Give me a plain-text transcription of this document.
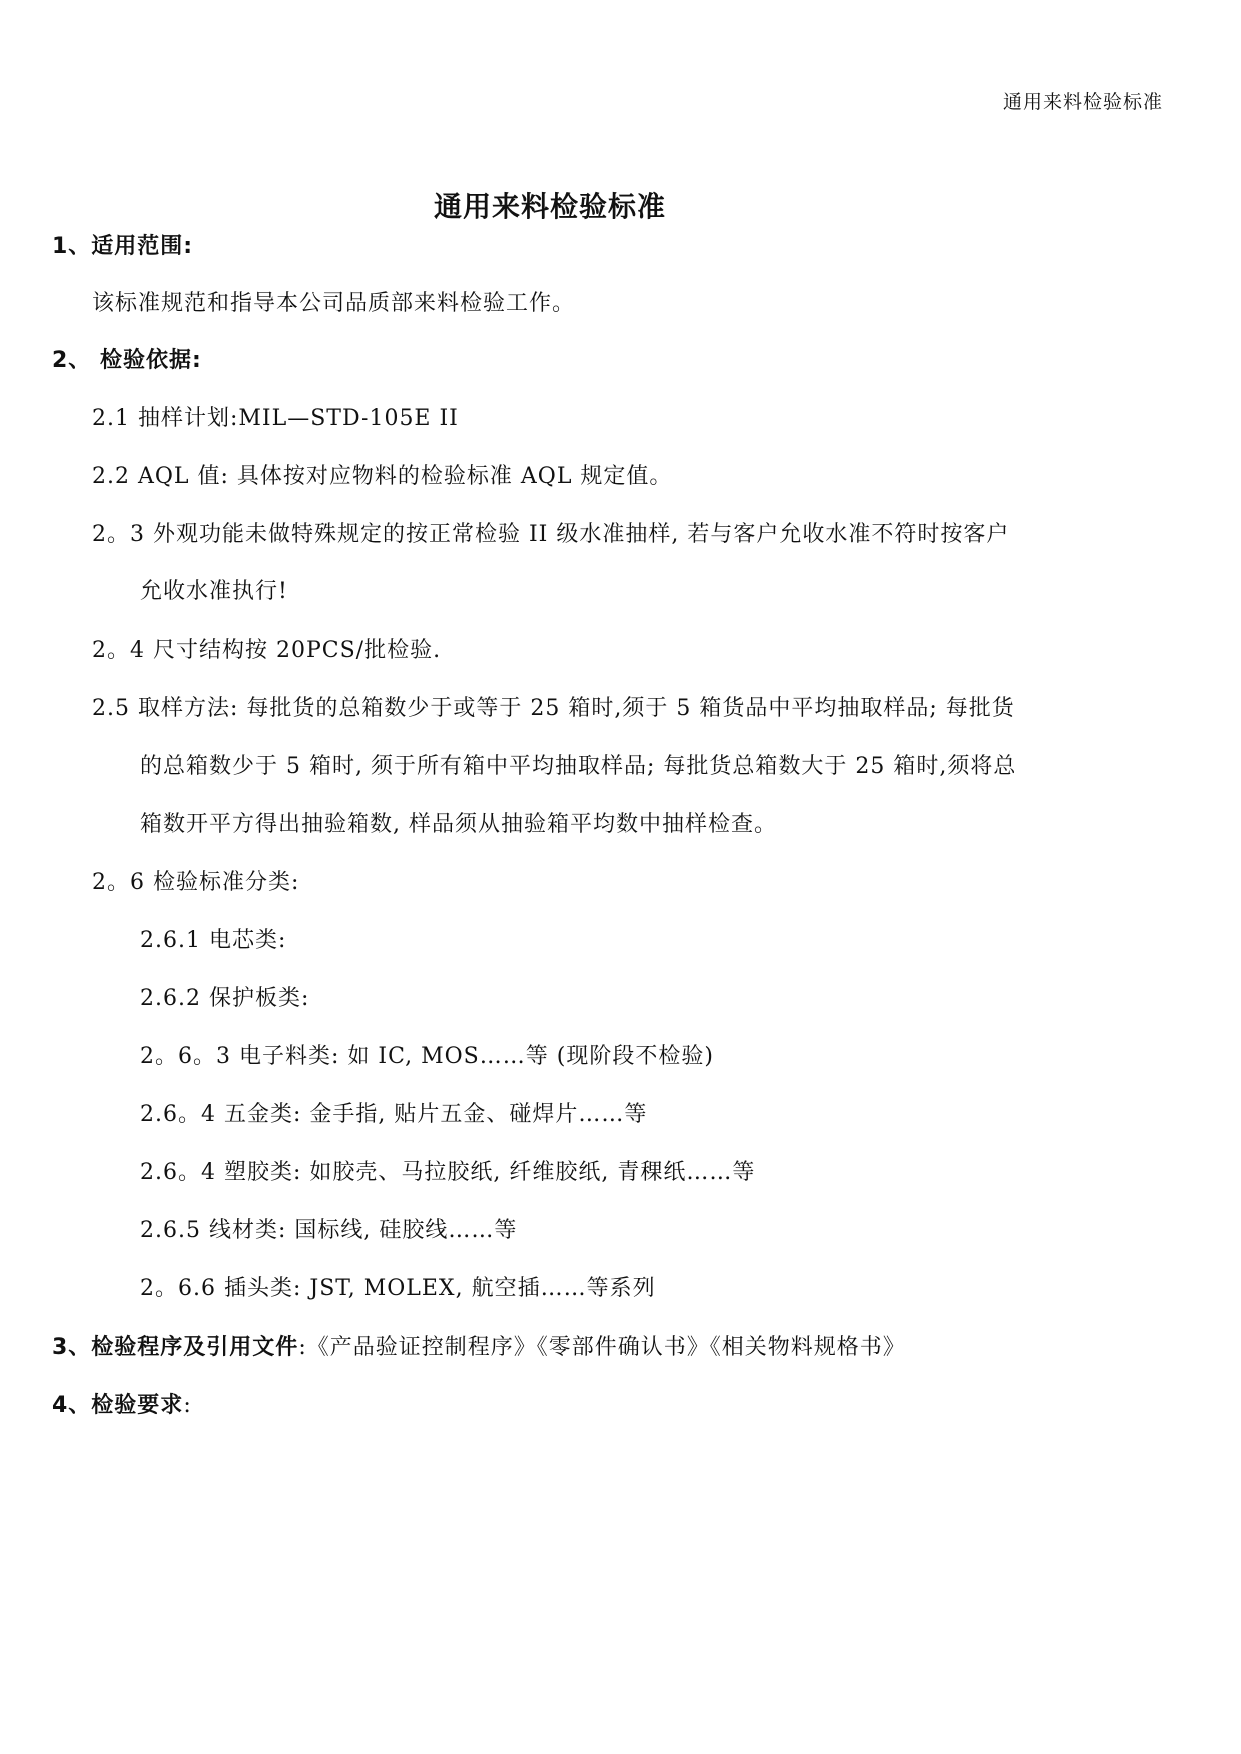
通用来料检验标准
通用来料检验标准
1、适用范围:
该标准规范和指导本公司品质部来料检验工作。
2、 检验依据:
2.1 抽样计划:MIL—STD-105E II
2.2 AQL 值: 具体按对应物料的检验标准 AQL 规定值。
2。3 外观功能未做特殊规定的按正常检验 II 级水准抽样, 若与客户允收水准不符时按客户
允收水准执行!
2。4 尺寸结构按 20PCS/批检验.
2.5 取样方法: 每批货的总箱数少于或等于 25 箱时,须于 5 箱货品中平均抽取样品; 每批货
的总箱数少于 5 箱时, 须于所有箱中平均抽取样品; 每批货总箱数大于 25 箱时,须将总
箱数开平方得出抽验箱数, 样品须从抽验箱平均数中抽样检查。
2。6 检验标准分类:
2.6.1 电芯类:
2.6.2 保护板类:
2。6。3 电子料类: 如 IC, MOS……等 (现阶段不检验)
2.6。4 五金类: 金手指, 贴片五金、碰焊片……等
2.6。4 塑胶类: 如胶壳、马拉胶纸, 纤维胶纸, 青稞纸……等
2.6.5 线材类: 国标线, 硅胶线……等
2。6.6 插头类: JST, MOLEX, 航空插……等系列
3、检验程序及引用文件:《产品验证控制程序》《零部件确认书》《相关物料规格书》
4、检验要求:
